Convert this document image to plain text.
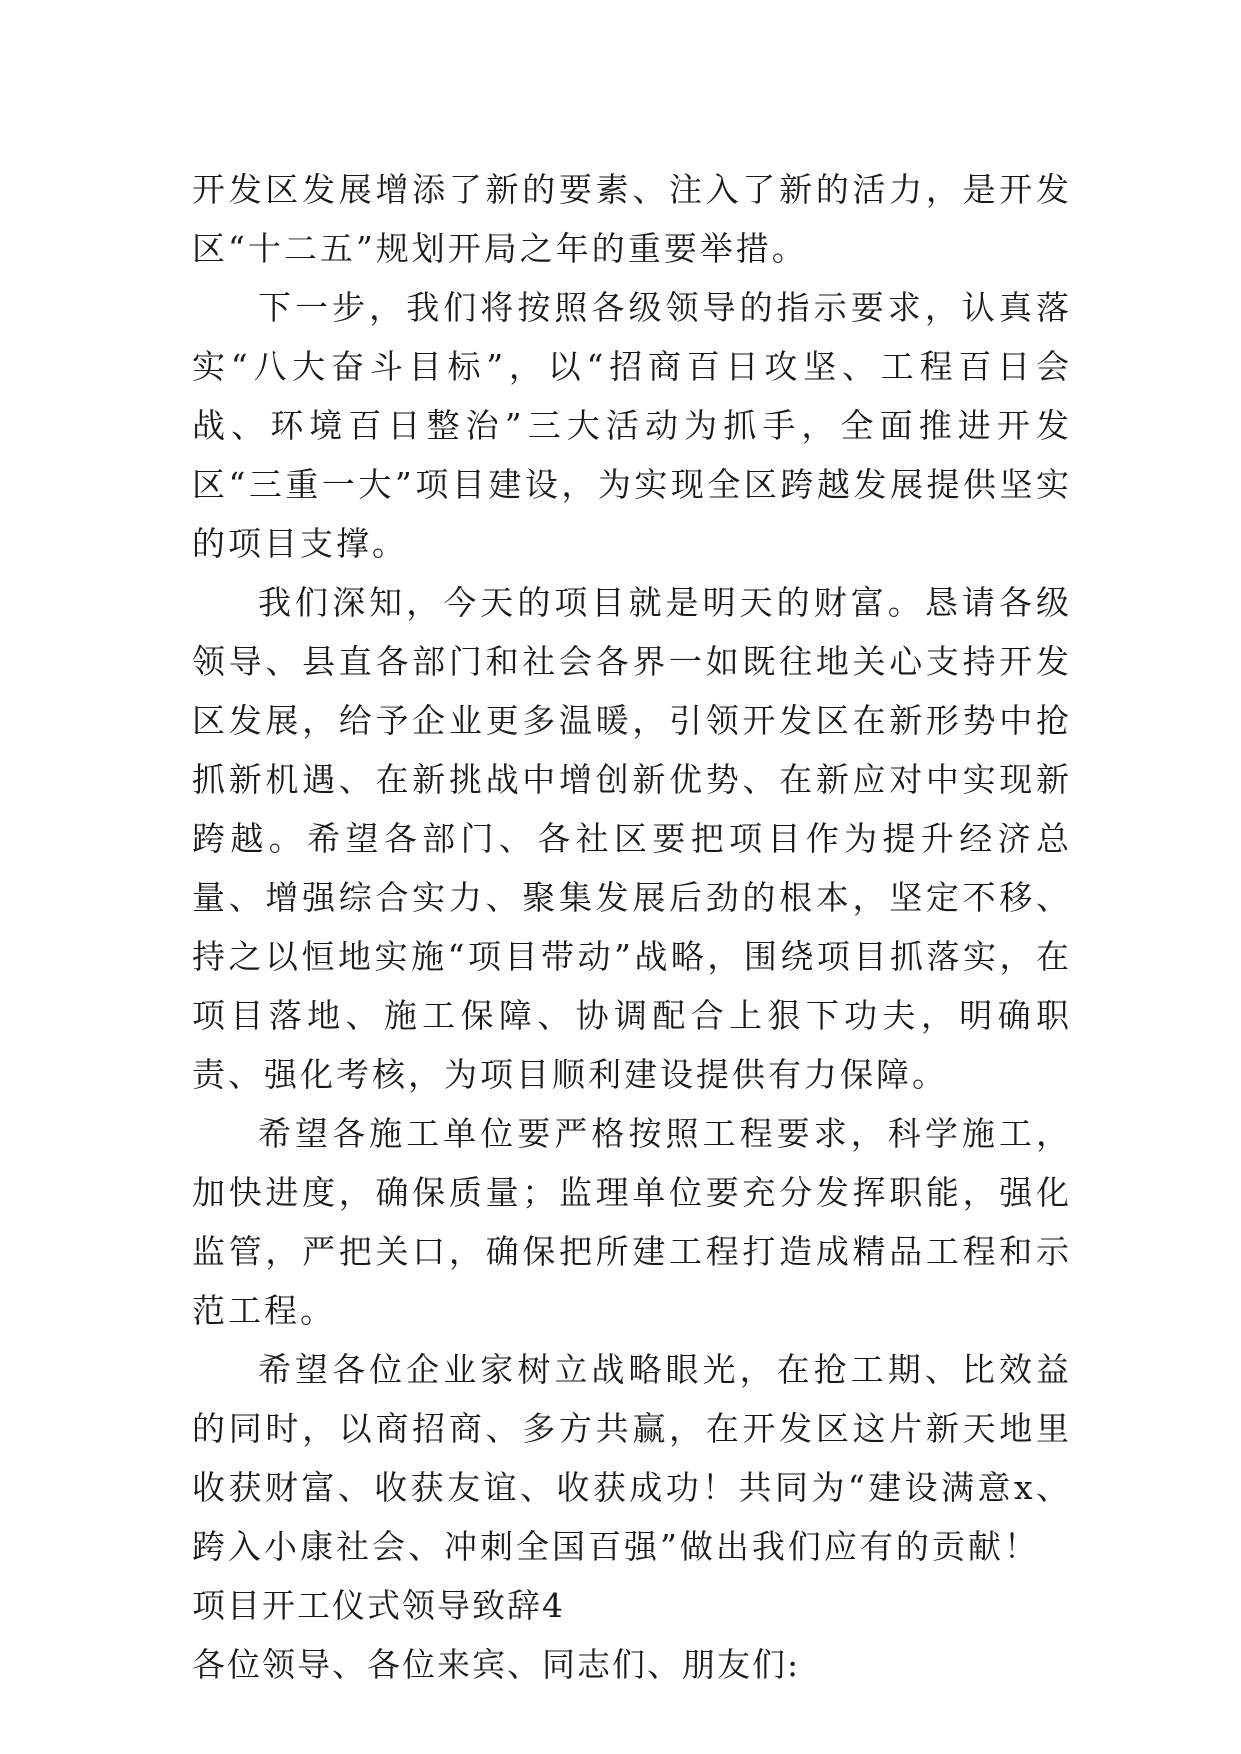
开发区发展增添了新的要素、注入了新的活力，是开发区“十二五”规划开局之年的重要举措。

下一步，我们将按照各级领导的指示要求，认真落实“八大奋斗目标”，以“招商百日攻坚、工程百日会战、环境百日整治”三大活动为抓手，全面推进开发区“三重一大”项目建设，为实现全区跨越发展提供坚实的项目支撑。

我们深知，今天的项目就是明天的财富。恳请各级领导、县直各部门和社会各界一如既往地关心支持开发区发展，给予企业更多温暖，引领开发区在新形势中抢抓新机遇、在新挑战中增创新优势、在新应对中实现新跨越。希望各部门、各社区要把项目作为提升经济总量、增强综合实力、聚集发展后劲的根本，坚定不移、持之以恒地实施“项目带动”战略，围绕项目抓落实，在项目落地、施工保障、协调配合上狠下功夫，明确职责、强化考核，为项目顺利建设提供有力保障。

希望各施工单位要严格按照工程要求，科学施工，加快进度，确保质量；监理单位要充分发挥职能，强化监管，严把关口，确保把所建工程打造成精品工程和示范工程。

希望各位企业家树立战略眼光，在抢工期、比效益的同时，以商招商、多方共赢，在开发区这片新天地里收获财富、收获友谊、收获成功！共同为“建设满意x、跨入小康社会、冲刺全国百强”做出我们应有的贡献！

项目开工仪式领导致辞4

各位领导、各位来宾、同志们、朋友们:
